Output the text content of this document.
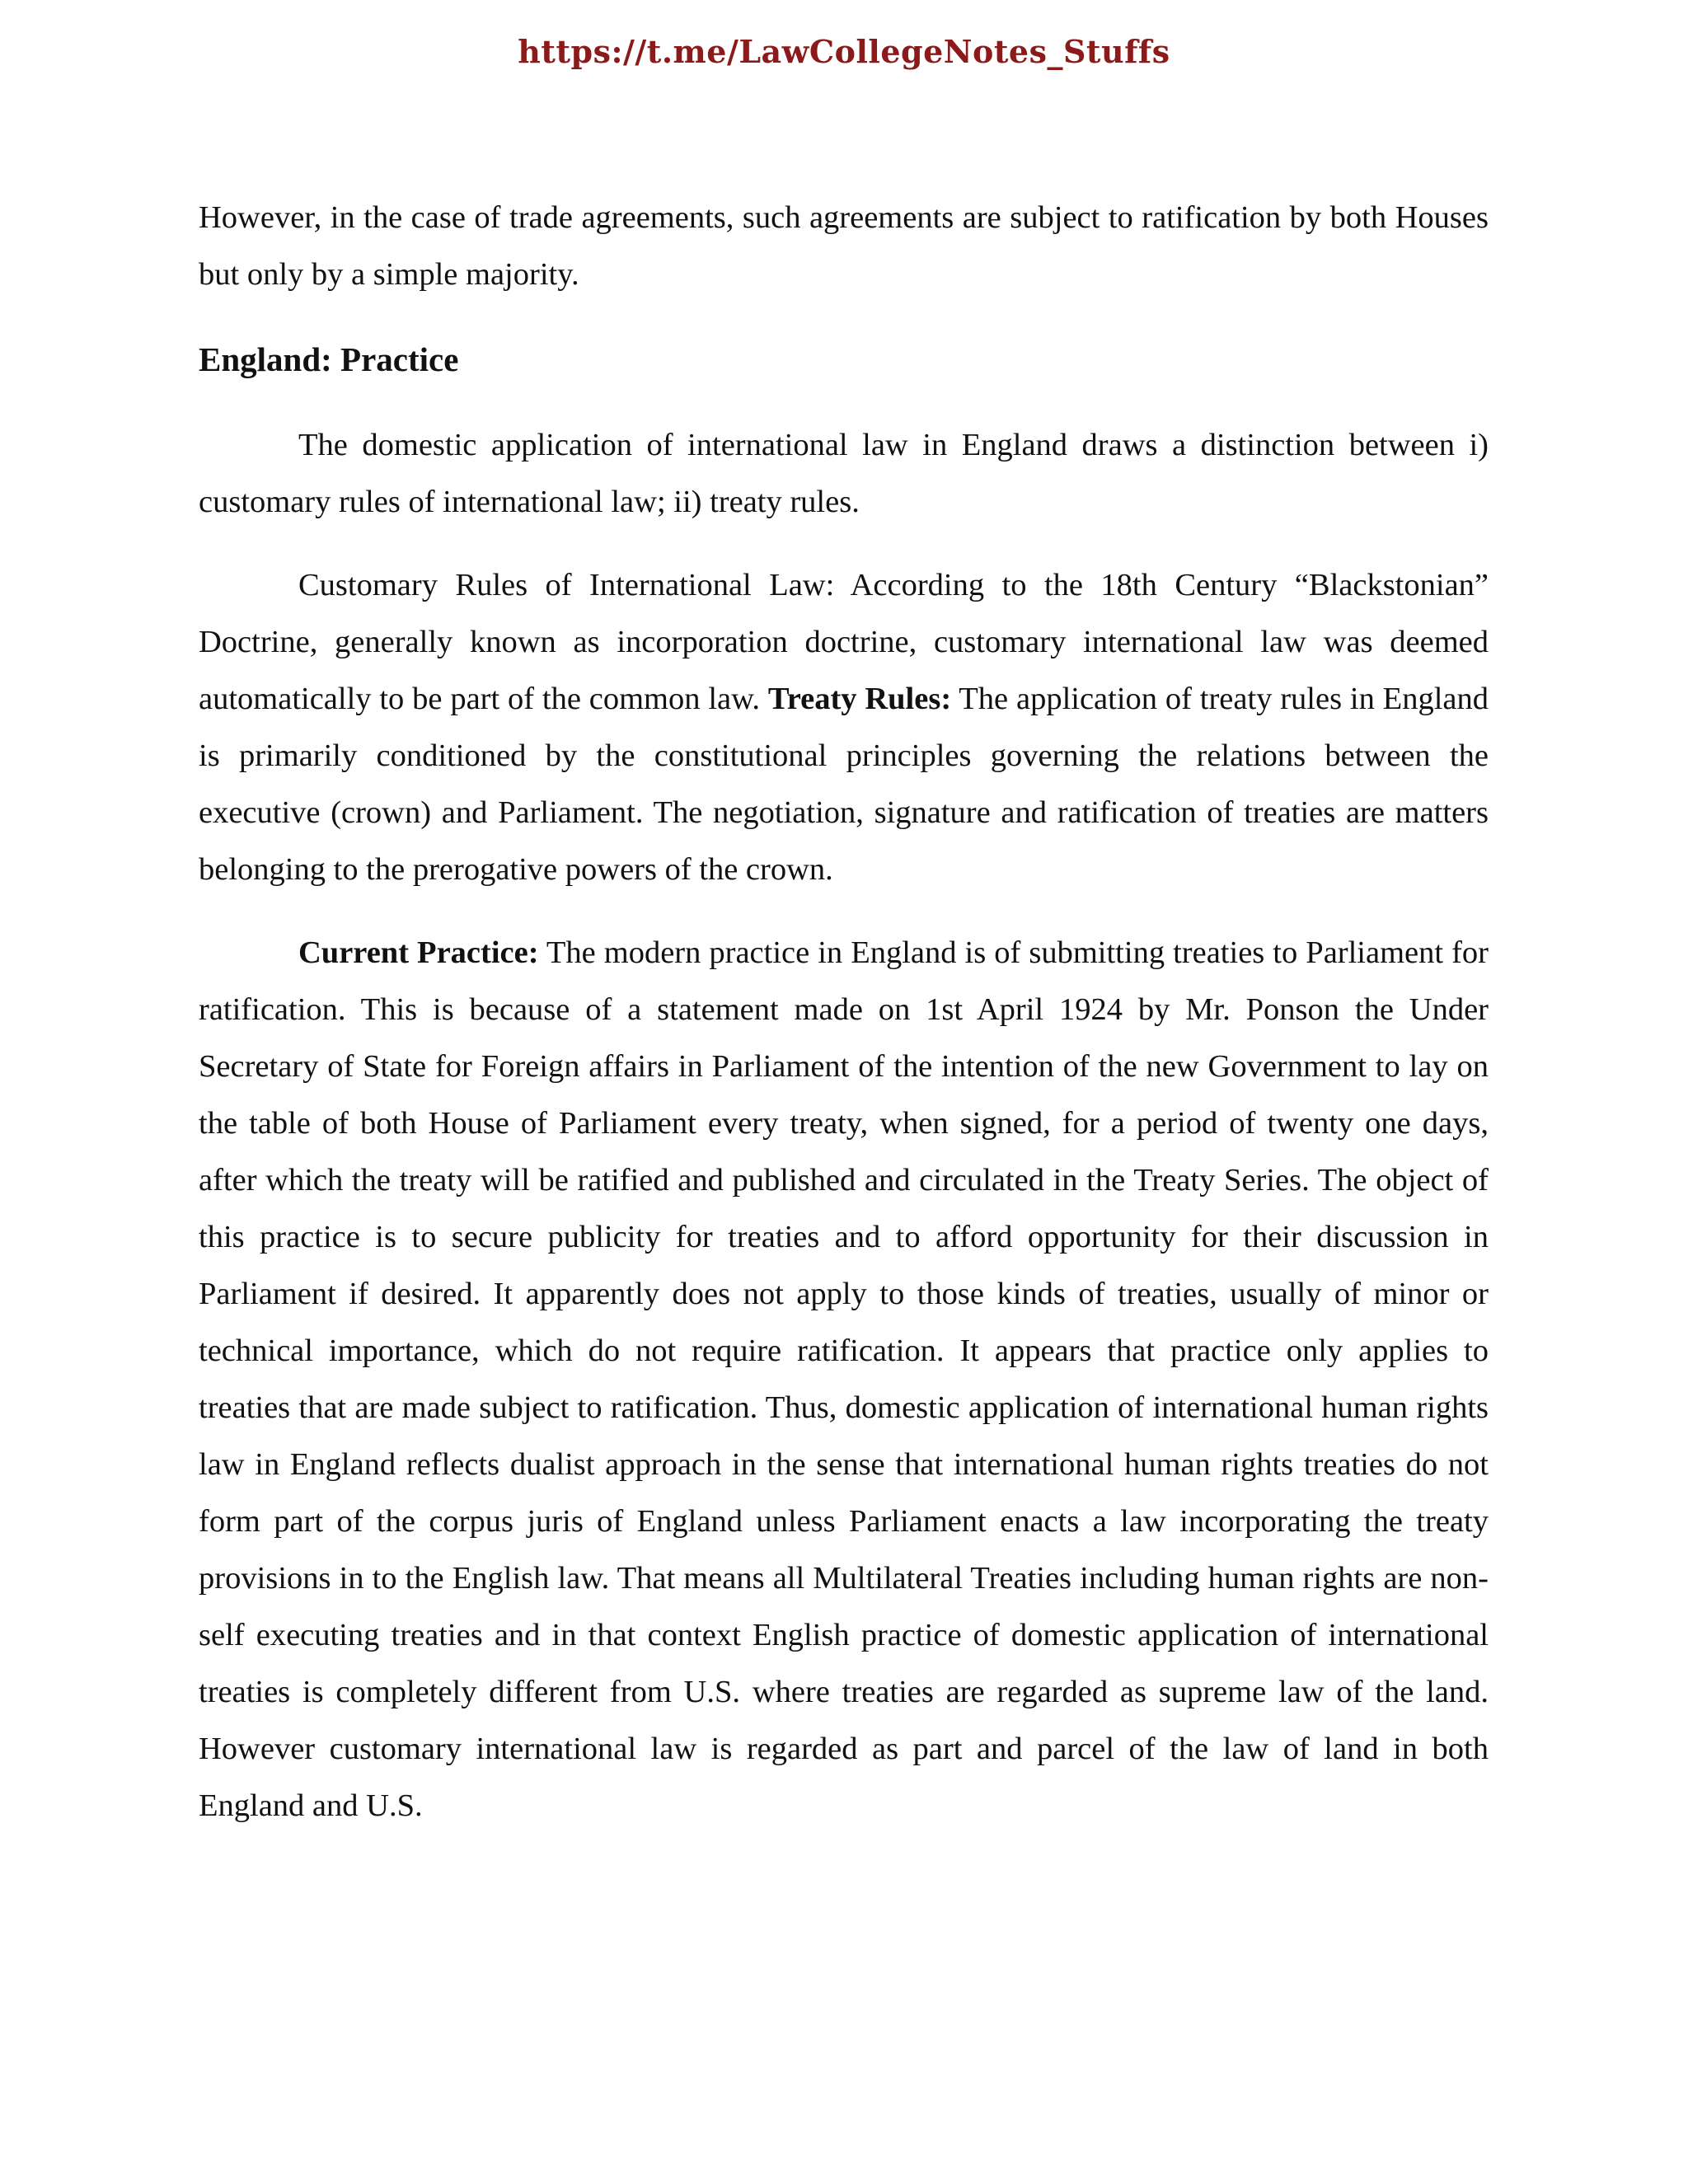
https://t.me/LawCollegeNotes_Stuffs

However, in the case of trade agreements, such agreements are subject to ratification by both Houses but only by a simple majority.

England: Practice

The domestic application of international law in England draws a distinction between i) customary rules of international law; ii) treaty rules.

Customary Rules of International Law: According to the 18th Century “Blackstonian” Doctrine, generally known as incorporation doctrine, customary international law was deemed automatically to be part of the common law. Treaty Rules: The application of treaty rules in England is primarily conditioned by the constitutional principles governing the relations between the executive (crown) and Parliament. The negotiation, signature and ratification of treaties are matters belonging to the prerogative powers of the crown.

Current Practice: The modern practice in England is of submitting treaties to Parliament for ratification. This is because of a statement made on 1st April 1924 by Mr. Ponson the Under Secretary of State for Foreign affairs in Parliament of the intention of the new Government to lay on the table of both House of Parliament every treaty, when signed, for a period of twenty one days, after which the treaty will be ratified and published and circulated in the Treaty Series. The object of this practice is to secure publicity for treaties and to afford opportunity for their discussion in Parliament if desired. It apparently does not apply to those kinds of treaties, usually of minor or technical importance, which do not require ratification. It appears that practice only applies to treaties that are made subject to ratification. Thus, domestic application of international human rights law in England reflects dualist approach in the sense that international human rights treaties do not form part of the corpus juris of England unless Parliament enacts a law incorporating the treaty provisions in to the English law. That means all Multilateral Treaties including human rights are non-self executing treaties and in that context English practice of domestic application of international treaties is completely different from U.S. where treaties are regarded as supreme law of the land. However customary international law is regarded as part and parcel of the law of land in both England and U.S.
